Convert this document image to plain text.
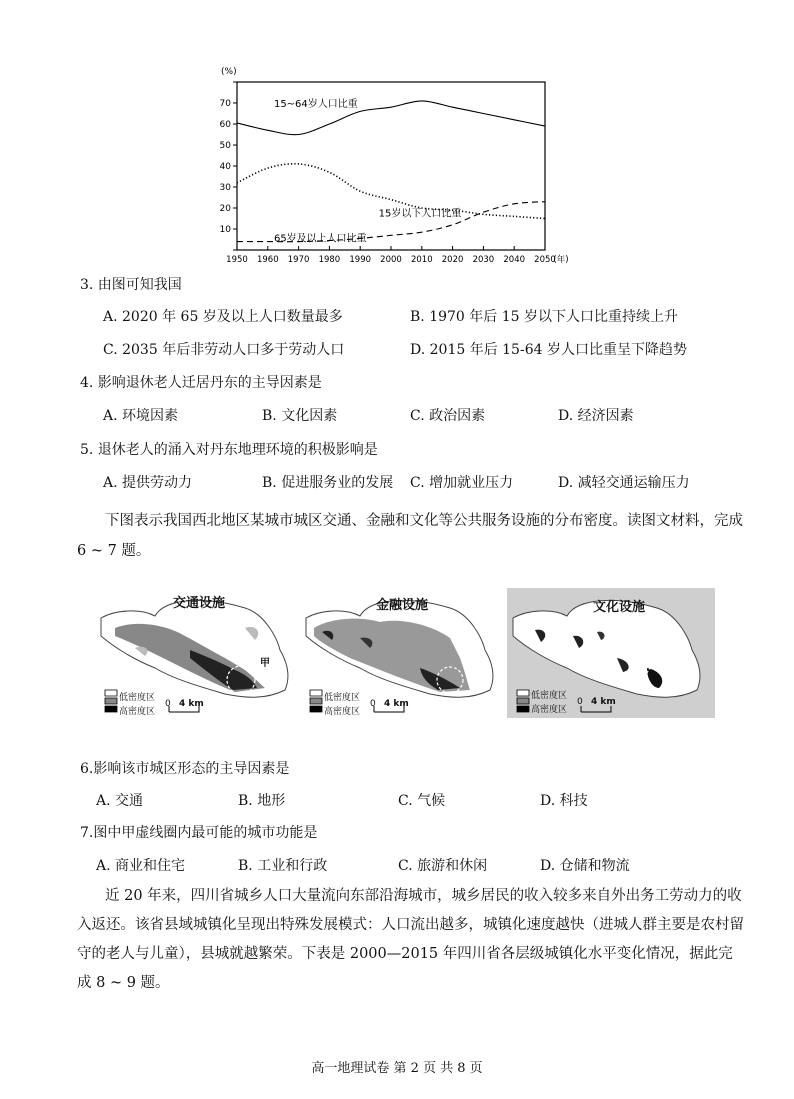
10
20
30
40
50
60
70
(%)
1950 1960 1970 1980 1990 2000 2010 2020 2030 2040 2050
(年)
15~64岁人口比重
15岁以下人口比重
65岁及以上人口比重
3. 由图可知我国
A. 2020 年 65 岁及以上人口数量最多	B. 1970 年后 15 岁以下人口比重持续上升
C. 2035 年后非劳动人口多于劳动人口	D. 2015 年后 15-64 岁人口比重呈下降趋势
4. 影响退休老人迁居丹东的主导因素是
A. 环境因素	B. 文化因素	C. 政治因素	D. 经济因素
5. 退休老人的涌入对丹东地理环境的积极影响是
A. 提供劳动力	B. 促进服务业的发展 C. 增加就业压力	D. 减轻交通运输压力
下图表示我国西北地区某城市城区交通、金融和文化等公共服务设施的分布密度。读图文材料，完成 6 ~ 7 题。
交通设施
甲
低密度区
高密度区
0 4 km
金融设施
低密度区
高密度区
0 4 km
文化设施
低密度区
高密度区
0 4 km
6.影响该市城区形态的主导因素是
A. 交通	B. 地形	C. 气候	D. 科技
7.图中甲虚线圈内最可能的城市功能是
A. 商业和住宅	B. 工业和行政	C. 旅游和休闲	D. 仓储和物流
近 20 年来，四川省城乡人口大量流向东部沿海城市，城乡居民的收入较多来自外出务工劳动力的收入返还。该省县域城镇化呈现出特殊发展模式：人口流出越多，城镇化速度越快（进城人群主要是农村留守的老人与儿童），县城就越繁荣。下表是 2000—2015 年四川省各层级城镇化水平变化情况，据此完成 8 ~ 9 题。
高一地理试卷 第 2 页 共 8 页
